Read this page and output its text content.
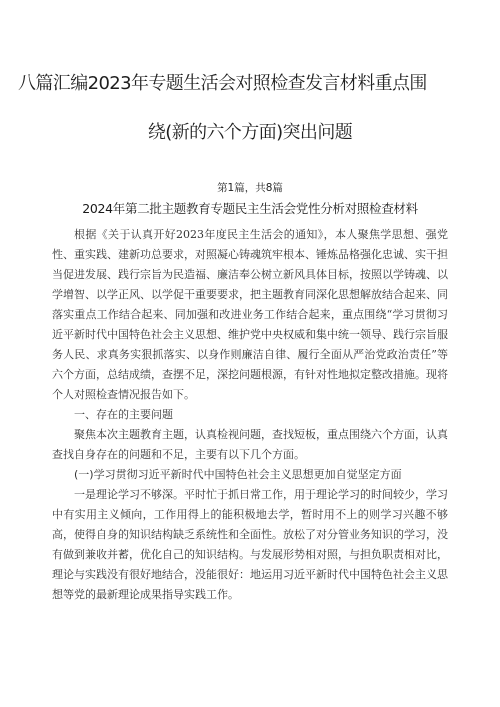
八篇汇编2023年专题生活会对照检查发言材料重点围
绕(新的六个方面)突出问题
第1篇，共8篇
2024年第二批主题教育专题民主生活会党性分析对照检查材料

根据《关于认真开好2023年度民主生活会的通知》，本人聚焦学思想、强党性、重实践、建新功总要求，对照凝心铸魂筑牢根本、锤炼品格强化忠诚、实干担当促进发展、践行宗旨为民造福、廉洁奉公树立新风具体目标，按照以学铸魂、以学增智、以学正风、以学促干重要要求，把主题教育同深化思想解放结合起来、同落实重点工作结合起来、同加强和改进业务工作结合起来，重点围绕“学习贯彻习近平新时代中国特色社会主义思想、维护党中央权威和集中统一领导、践行宗旨服务人民、求真务实狠抓落实、以身作则廉洁自律、履行全面从严治党政治责任”等六个方面，总结成绩，查摆不足，深挖问题根源，有针对性地拟定整改措施。现将个人对照检查情况报告如下。

一、存在的主要问题

聚焦本次主题教育主题，认真检视问题，查找短板，重点围绕六个方面，认真查找自身存在的问题和不足，主要有以下几个方面。

(一)学习贯彻习近平新时代中国特色社会主义思想更加自觉坚定方面

一是理论学习不够深。平时忙于抓日常工作，用于理论学习的时间较少，学习中有实用主义倾向，工作用得上的能积极地去学，暂时用不上的则学习兴趣不够高，使得自身的知识结构缺乏系统性和全面性。放松了对分管业务知识的学习，没有做到兼收并蓄，优化自己的知识结构。与发展形势相对照，与担负职责相对比，理论与实践没有很好地结合，没能很好：地运用习近平新时代中国特色社会主义思想等党的最新理论成果指导实践工作。
